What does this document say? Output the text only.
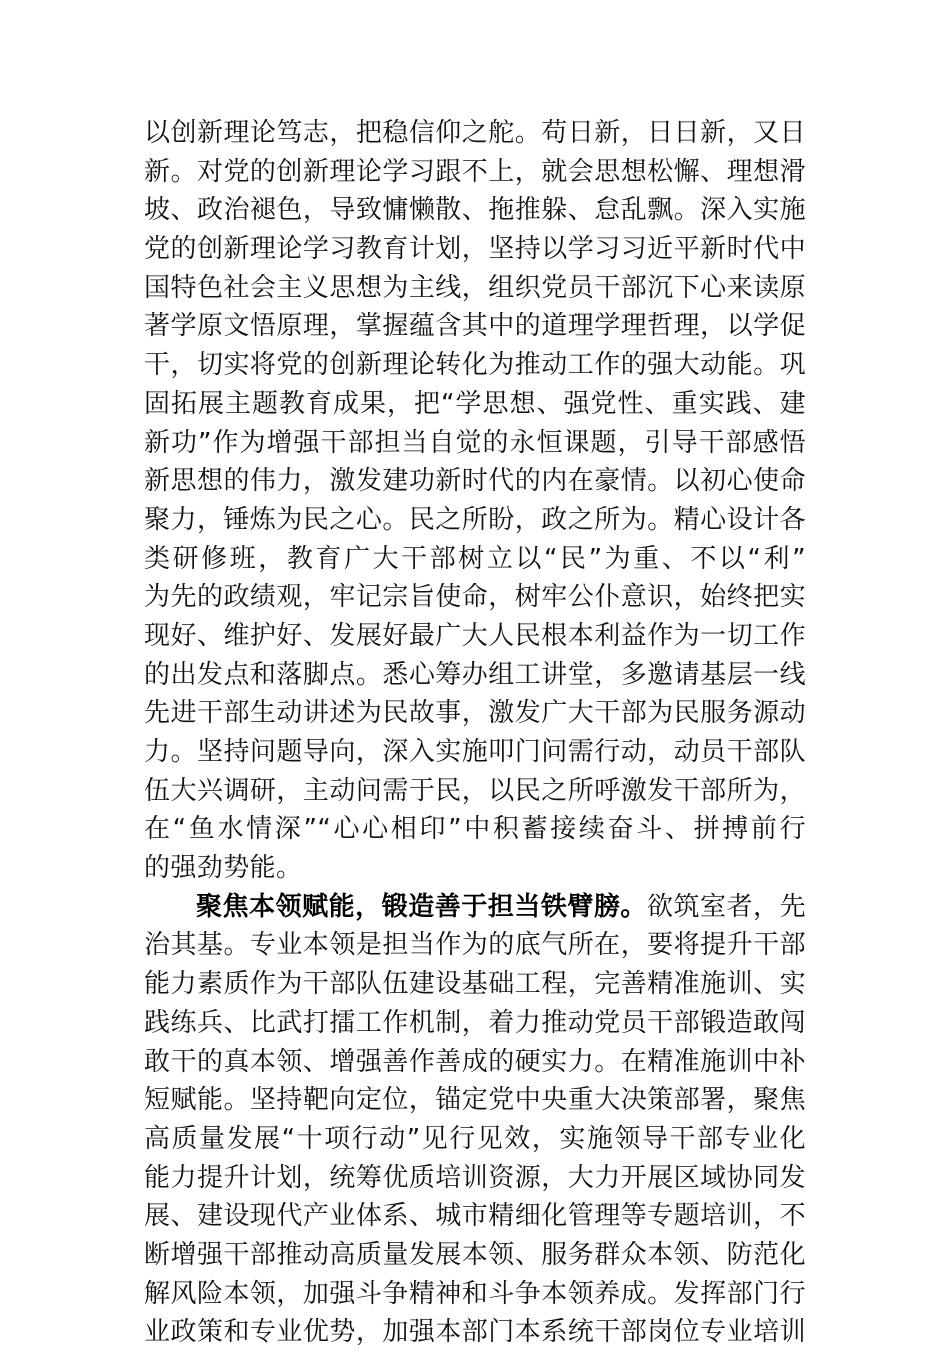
以创新理论笃志，把稳信仰之舵。苟日新，日日新，又日
新。对党的创新理论学习跟不上，就会思想松懈、理想滑
坡、政治褪色，导致慵懒散、拖推躲、怠乱飘。深入实施
党的创新理论学习教育计划，坚持以学习习近平新时代中
国特色社会主义思想为主线，组织党员干部沉下心来读原
著学原文悟原理，掌握蕴含其中的道理学理哲理，以学促
干，切实将党的创新理论转化为推动工作的强大动能。巩
固拓展主题教育成果，把“学思想、强党性、重实践、建
新功”作为增强干部担当自觉的永恒课题，引导干部感悟
新思想的伟力，激发建功新时代的内在豪情。以初心使命
聚力，锤炼为民之心。民之所盼，政之所为。精心设计各
类研修班，教育广大干部树立以“民”为重、不以“利”
为先的政绩观，牢记宗旨使命，树牢公仆意识，始终把实
现好、维护好、发展好最广大人民根本利益作为一切工作
的出发点和落脚点。悉心筹办组工讲堂，多邀请基层一线
先进干部生动讲述为民故事，激发广大干部为民服务源动
力。坚持问题导向，深入实施叩门问需行动，动员干部队
伍大兴调研，主动问需于民，以民之所呼激发干部所为，
在“鱼水情深”“心心相印”中积蓄接续奋斗、拼搏前行
的强劲势能。
聚焦本领赋能，锻造善于担当铁臂膀。欲筑室者，先
治其基。专业本领是担当作为的底气所在，要将提升干部
能力素质作为干部队伍建设基础工程，完善精准施训、实
践练兵、比武打擂工作机制，着力推动党员干部锻造敢闯
敢干的真本领、增强善作善成的硬实力。在精准施训中补
短赋能。坚持靶向定位，锚定党中央重大决策部署，聚焦
高质量发展“十项行动”见行见效，实施领导干部专业化
能力提升计划，统筹优质培训资源，大力开展区域协同发
展、建设现代产业体系、城市精细化管理等专题培训，不
断增强干部推动高质量发展本领、服务群众本领、防范化
解风险本领，加强斗争精神和斗争本领养成。发挥部门行
业政策和专业优势，加强本部门本系统干部岗位专业培训
